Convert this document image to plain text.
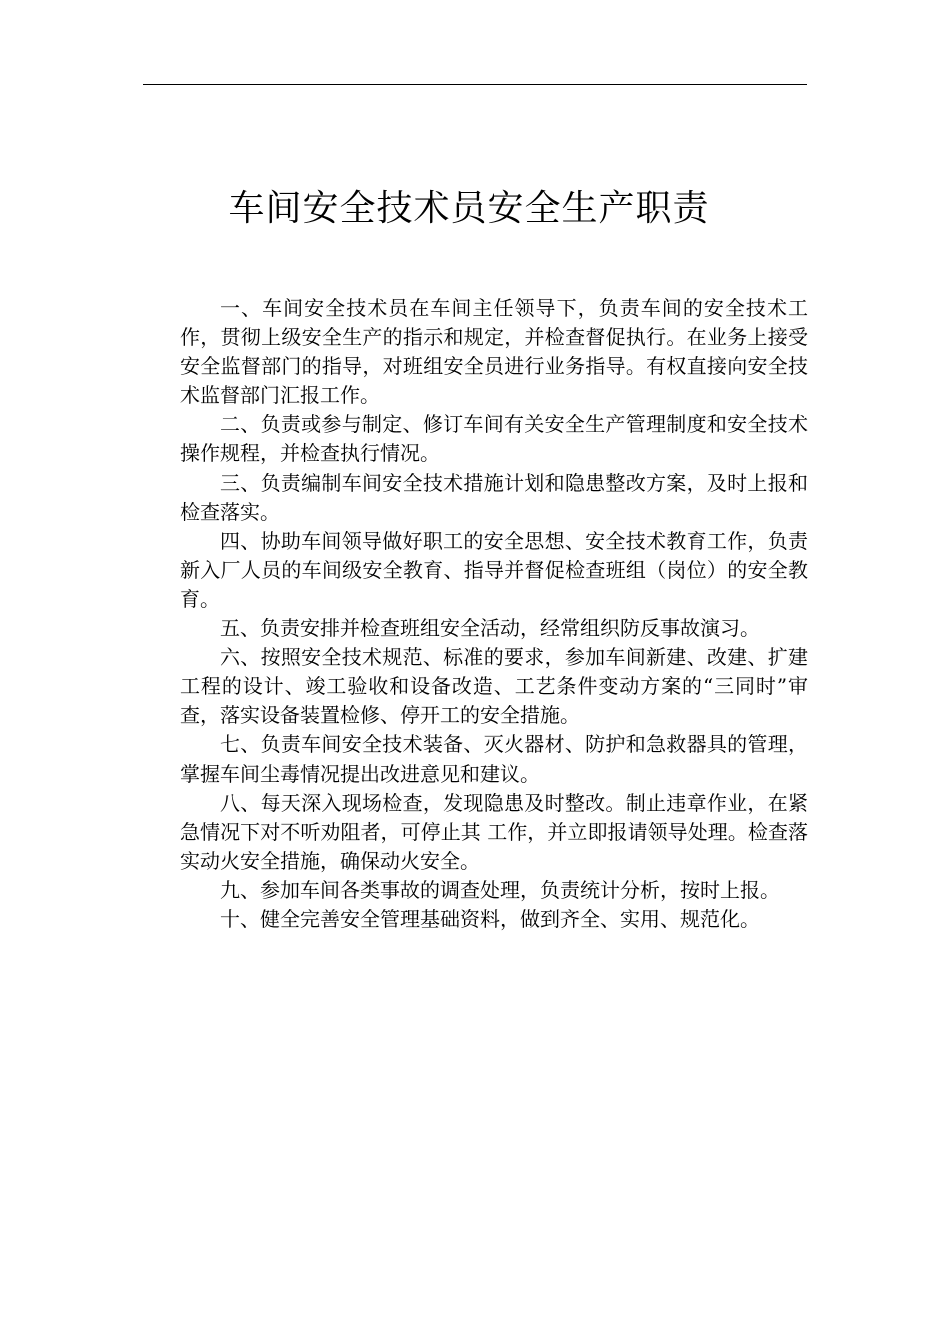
车间安全技术员安全生产职责

一、车间安全技术员在车间主任领导下，负责车间的安全技术工作，贯彻上级安全生产的指示和规定，并检查督促执行。在业务上接受安全监督部门的指导，对班组安全员进行业务指导。有权直接向安全技术监督部门汇报工作。

二、负责或参与制定、修订车间有关安全生产管理制度和安全技术操作规程，并检查执行情况。

三、负责编制车间安全技术措施计划和隐患整改方案，及时上报和检查落实。

四、协助车间领导做好职工的安全思想、安全技术教育工作，负责新入厂人员的车间级安全教育、指导并督促检查班组（岗位）的安全教育。

五、负责安排并检查班组安全活动，经常组织防反事故演习。

六、按照安全技术规范、标准的要求，参加车间新建、改建、扩建工程的设计、竣工验收和设备改造、工艺条件变动方案的“三同时”审查，落实设备装置检修、停开工的安全措施。

七、负责车间安全技术装备、灭火器材、防护和急救器具的管理，掌握车间尘毒情况提出改进意见和建议。

八、每天深入现场检查，发现隐患及时整改。制止违章作业，在紧急情况下对不听劝阻者，可停止其 工作，并立即报请领导处理。检查落实动火安全措施，确保动火安全。

九、参加车间各类事故的调查处理，负责统计分析，按时上报。

十、健全完善安全管理基础资料，做到齐全、实用、规范化。
